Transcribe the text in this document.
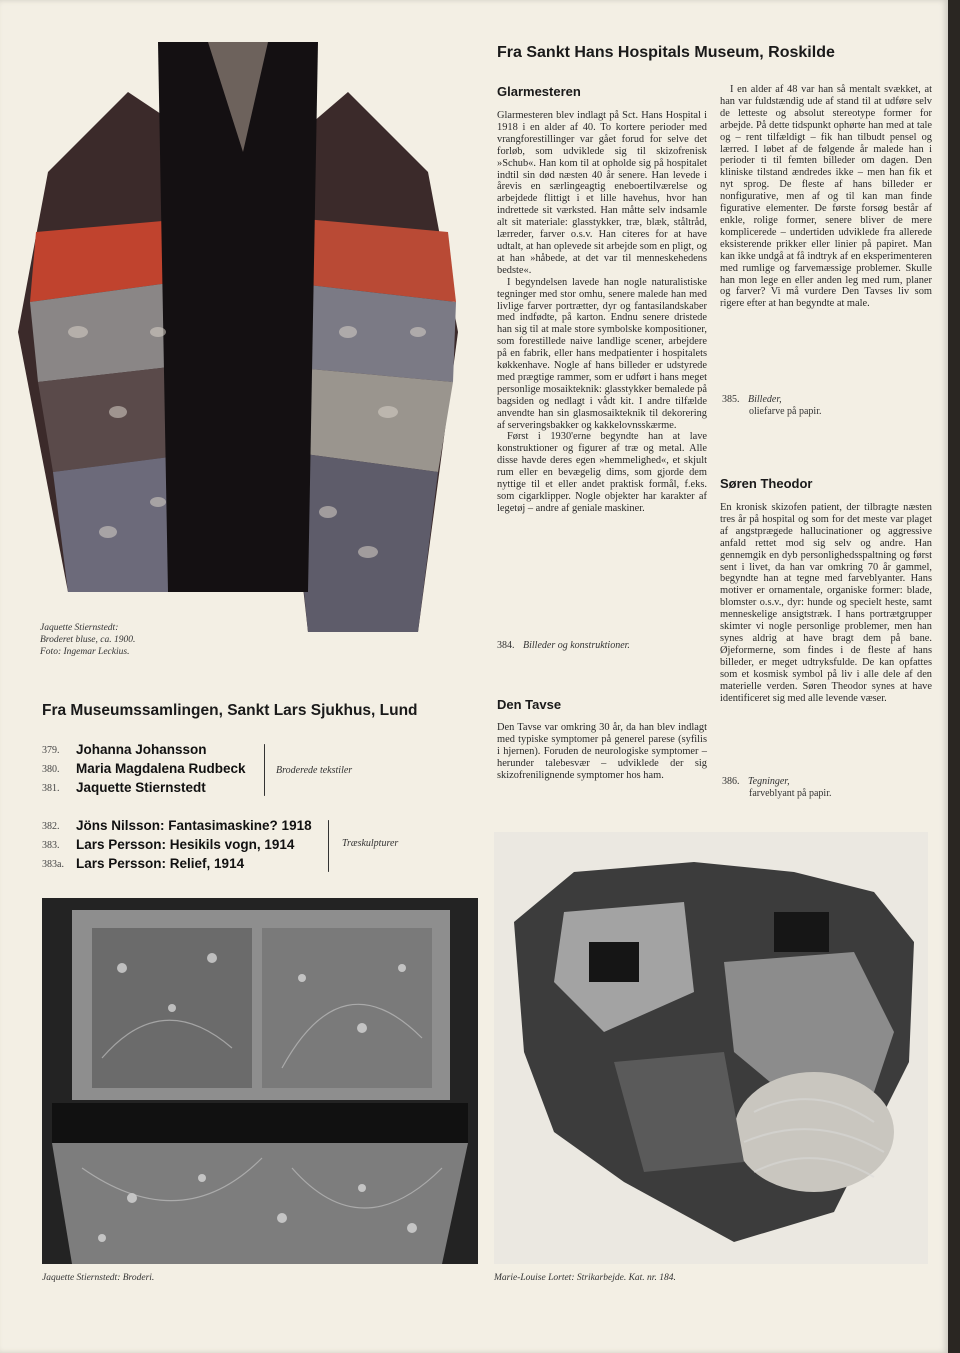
Jaquette Stiernstedt:
Broderet bluse, ca. 1900.
Foto: Ingemar Leckius.
Fra Sankt Hans Hospitals Museum, Roskilde
Glarmesteren

Glarmesteren blev indlagt på Sct. Hans Hospital i 1918 i en alder af 40. To kortere perioder med vrangforestillinger var gået forud for selve det forløb, som udviklede sig til skizofrenisk »Schub«. Han kom til at opholde sig på hospitalet indtil sin død næsten 40 år senere. Han levede i årevis en særlingeagtig eneboertilværelse og arbejdede flittigt i et lille havehus, hvor han indrettede sit værksted. Han måtte selv indsamle alt sit materiale: glasstykker, træ, blæk, ståltråd, lærreder, farver o.s.v. Han citeres for at have udtalt, at han oplevede sit arbejde som en pligt, og at han »håbede, at det var til menneskehedens bedste«.

I begyndelsen lavede han nogle naturalistiske tegninger med stor omhu, senere malede han med livlige farver portrætter, dyr og fantasilandskaber med indfødte, på karton. Endnu senere dristede han sig til at male store symbolske kompositioner, som forestillede naive landlige scener, arbejdere på en fabrik, eller hans medpatienter i hospitalets køkkenhave. Nogle af hans billeder er udstyrede med prægtige rammer, som er udført i hans meget personlige mosaikteknik: glasstykker bemalede på bagsiden og nedlagt i vådt kit. I andre tilfælde anvendte han sin glasmosaikteknik til dekorering af serveringsbakker og kakkelovnsskærme.

Først i 1930'erne begyndte han at lave konstruktioner og figurer af træ og metal. Alle disse havde deres egen »hemmelighed«, et skjult rum eller en bevægelig dims, som gjorde dem nyttige til et eller andet praktisk formål, f.eks. som cigarklipper. Nogle objekter har karakter af legetøj – andre af geniale maskiner.

384. Billeder og konstruktioner.
Den Tavse

Den Tavse var omkring 30 år, da han blev indlagt med typiske symptomer på generel parese (syfilis i hjernen). Foruden de neurologiske symptomer – herunder talebesvær – udviklede der sig skizofrenilignende symptomer hos ham.

I en alder af 48 var han så mentalt svækket, at han var fuldstændig ude af stand til at udføre selv de letteste og absolut stereotype former for arbejde. På dette tidspunkt ophørte han med at tale og – rent tilfældigt – fik han tilbudt pensel og lærred. I løbet af de følgende år malede han i perioder ti til femten billeder om dagen. Den kliniske tilstand ændredes ikke – men han fik et nyt sprog. De fleste af hans billeder er nonfigurative, men af og til kan man finde figurative elementer. De første forsøg består af enkle, rolige former, senere bliver de mere komplicerede – undertiden udviklede fra allerede eksisterende prikker eller linier på papiret. Man kan ikke undgå at få indtryk af en eksperimenteren med rumlige og farvemæssige problemer. Skulle han mon lege en eller anden leg med rum, planer og farver? Vi må vurdere Den Tavses liv som rigere efter at han begyndte at male.

385. Billeder,
oliefarve på papir.
Søren Theodor

En kronisk skizofen patient, der tilbragte næsten tres år på hospital og som for det meste var plaget af angstprægede hallucinationer og aggressive anfald rettet mod sig selv og andre. Han gennemgik en dyb personlighedsspaltning og først sent i livet, da han var omkring 70 år gammel, begyndte han at tegne med farveblyanter. Hans motiver er ornamentale, organiske former: blade, blomster o.s.v., dyr: hunde og specielt heste, samt menneskelige ansigtstræk. I hans portrætgrupper skimter vi nogle personlige problemer, men han synes aldrig at have bragt dem på bane. Øjeformerne, som findes i de fleste af hans billeder, er meget udtryksfulde. De kan opfattes som et kosmisk symbol på liv i alle dele af den materielle verden. Søren Theodor synes at have identificeret sig med alle levende væser.

386. Tegninger,
farveblyant på papir.
Fra Museumssamlingen, Sankt Lars Sjukhus, Lund
379. Johanna Johansson
380. Maria Magdalena Rudbeck
381. Jaquette Stiernstedt
Broderede tekstiler
382. Jöns Nilsson: Fantasimaskine? 1918
383. Lars Persson: Hesikils vogn, 1914
383a. Lars Persson: Relief, 1914
Træskulpturer
Jaquette Stiernstedt: Broderi.	Marie-Louise Lortet: Strikarbejde. Kat. nr. 184.
